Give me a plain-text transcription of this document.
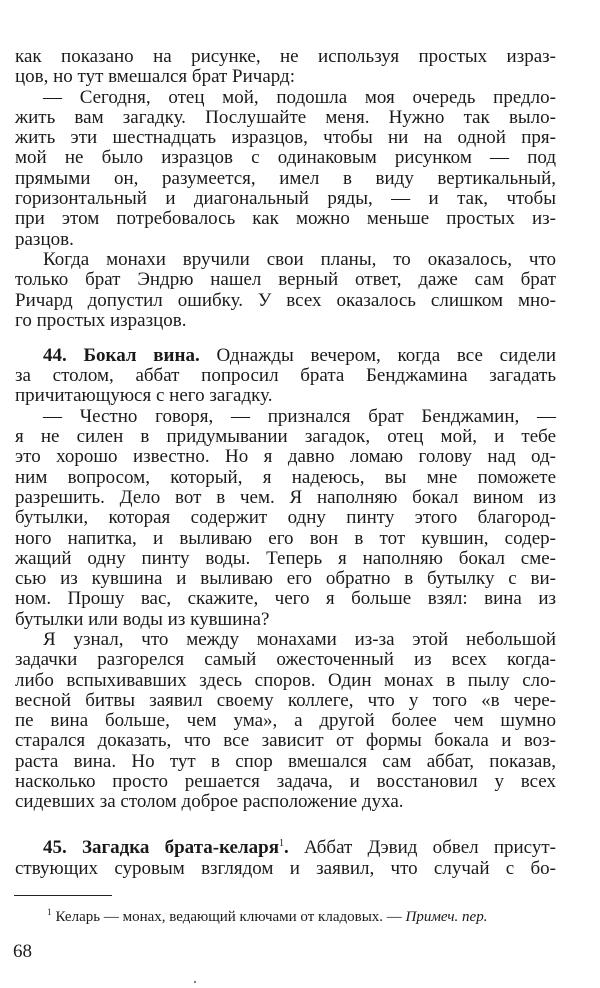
как показано на рисунке, не используя простых израз-
цов, но тут вмешался брат Ричард:
— Сегодня, отец мой, подошла моя очередь предло-
жить вам загадку. Послушайте меня. Нужно так выло-
жить эти шестнадцать изразцов, чтобы ни на одной пря-
мой не было изразцов с одинаковым рисунком — под
прямыми он, разумеется, имел в виду вертикальный,
горизонтальный и диагональный ряды, — и так, чтобы
при этом потребовалось как можно меньше простых из-
разцов.
Когда монахи вручили свои планы, то оказалось, что
только брат Эндрю нашел верный ответ, даже сам брат
Ричард допустил ошибку. У всех оказалось слишком мно-
го простых изразцов.
44. Бокал вина. Однажды вечером, когда все сидели
за столом, аббат попросил брата Бенджамина загадать
причитающуюся с него загадку.
— Честно говоря, — признался брат Бенджамин, —
я не силен в придумывании загадок, отец мой, и тебе
это хорошо известно. Но я давно ломаю голову над од-
ним вопросом, который, я надеюсь, вы мне поможете
разрешить. Дело вот в чем. Я наполняю бокал вином из
бутылки, которая содержит одну пинту этого благород-
ного напитка, и выливаю его вон в тот кувшин, содер-
жащий одну пинту воды. Теперь я наполняю бокал сме-
сью из кувшина и выливаю его обратно в бутылку с ви-
ном. Прошу вас, скажите, чего я больше взял: вина из
бутылки или воды из кувшина?
Я узнал, что между монахами из-за этой небольшой
задачки разгорелся самый ожесточенный из всех когда-
либо вспыхивавших здесь споров. Один монах в пылу сло-
весной битвы заявил своему коллеге, что у того «в чере-
пе вина больше, чем ума», а другой более чем шумно
старался доказать, что все зависит от формы бокала и воз-
раста вина. Но тут в спор вмешался сам аббат, показав,
насколько просто решается задача, и восстановил у всех
сидевших за столом доброе расположение духа.
45. Загадка брата-келаря$^1$. Аббат Дэвид обвел присут-
ствующих суровым взглядом и заявил, что случай с бо-
$^1$ Келарь — монах, ведающий ключами от кладовых. — Примеч. пер.
68
